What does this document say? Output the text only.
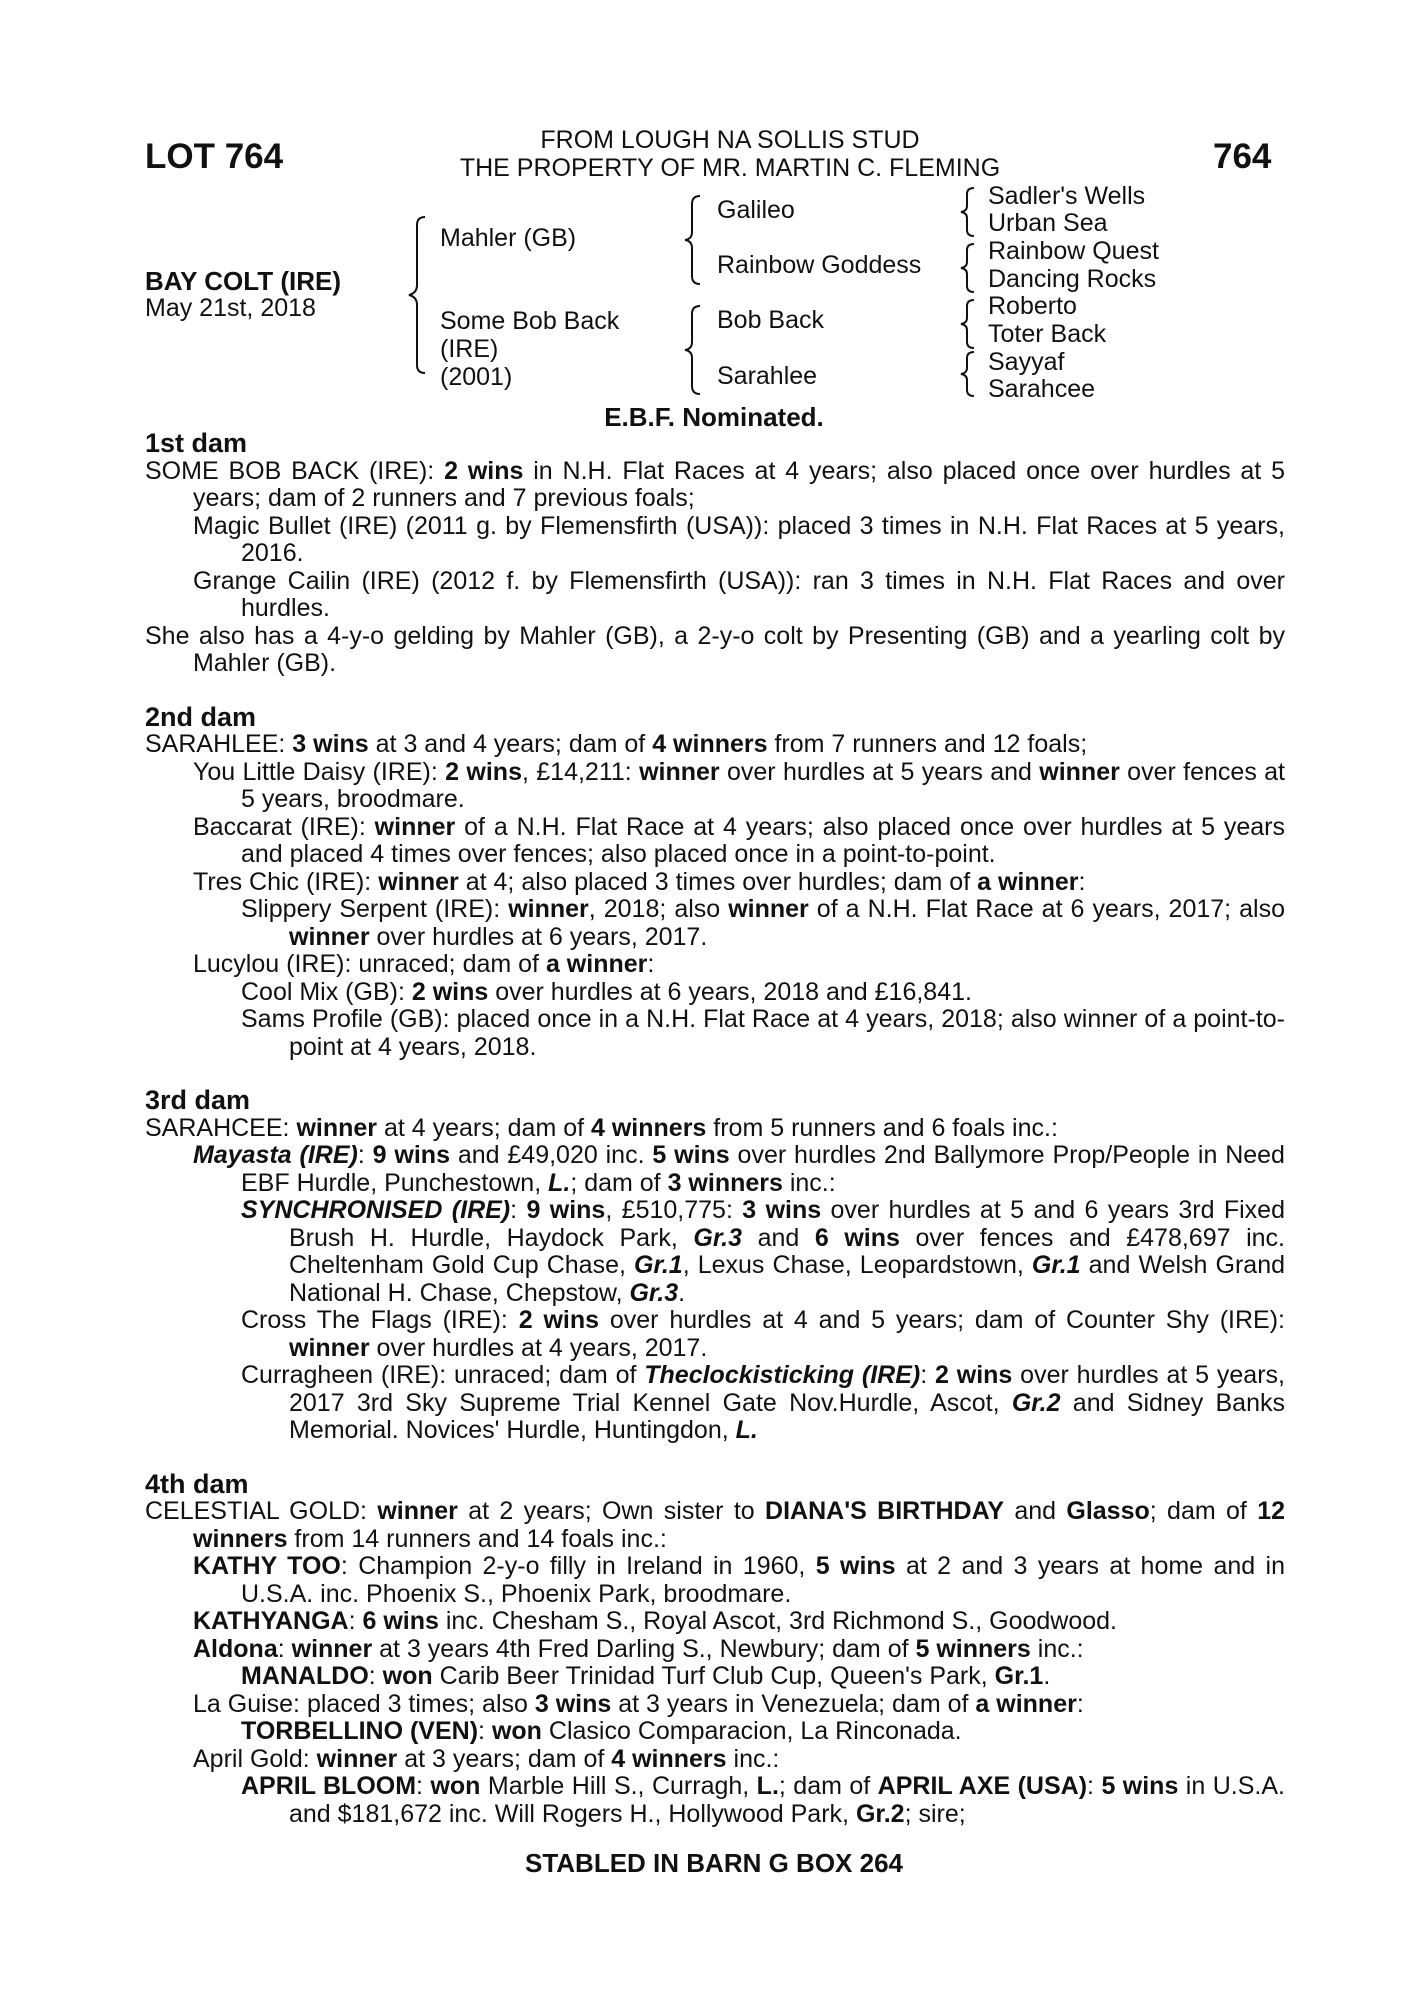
LOT 764	764
FROM LOUGH NA SOLLIS STUD
THE PROPERTY OF MR. MARTIN C. FLEMING
BAY COLT (IRE)
May 21st, 2018
Mahler (GB)
Some Bob Back
(IRE)
(2001)
Galileo
Rainbow Goddess
Bob Back
Sarahlee
Sadler's Wells
Urban Sea
Rainbow Quest
Dancing Rocks
Roberto
Toter Back
Sayyaf
Sarahcee
E.B.F. Nominated.

1st dam

SOME BOB BACK (IRE): 2 wins in N.H. Flat Races at 4 years; also placed once over hurdles at 5 years; dam of 2 runners and 7 previous foals;

Magic Bullet (IRE) (2011 g. by Flemensfirth (USA)): placed 3 times in N.H. Flat Races at 5 years, 2016.

Grange Cailin (IRE) (2012 f. by Flemensfirth (USA)): ran 3 times in N.H. Flat Races and over hurdles.

She also has a 4-y-o gelding by Mahler (GB), a 2-y-o colt by Presenting (GB) and a yearling colt by Mahler (GB).

2nd dam

SARAHLEE: 3 wins at 3 and 4 years; dam of 4 winners from 7 runners and 12 foals;

You Little Daisy (IRE): 2 wins, £14,211: winner over hurdles at 5 years and winner over fences at 5 years, broodmare.

Baccarat (IRE): winner of a N.H. Flat Race at 4 years; also placed once over hurdles at 5 years and placed 4 times over fences; also placed once in a point-to-point.

Tres Chic (IRE): winner at 4; also placed 3 times over hurdles; dam of a winner:

Slippery Serpent (IRE): winner, 2018; also winner of a N.H. Flat Race at 6 years, 2017; also winner over hurdles at 6 years, 2017.

Lucylou (IRE): unraced; dam of a winner:

Cool Mix (GB): 2 wins over hurdles at 6 years, 2018 and £16,841.

Sams Profile (GB): placed once in a N.H. Flat Race at 4 years, 2018; also winner of a point-to-point at 4 years, 2018.

3rd dam

SARAHCEE: winner at 4 years; dam of 4 winners from 5 runners and 6 foals inc.:

Mayasta (IRE): 9 wins and £49,020 inc. 5 wins over hurdles 2nd Ballymore Prop/People in Need EBF Hurdle, Punchestown, L.; dam of 3 winners inc.:

SYNCHRONISED (IRE): 9 wins, £510,775: 3 wins over hurdles at 5 and 6 years 3rd Fixed Brush H. Hurdle, Haydock Park, Gr.3 and 6 wins over fences and £478,697 inc. Cheltenham Gold Cup Chase, Gr.1, Lexus Chase, Leopardstown, Gr.1 and Welsh Grand National H. Chase, Chepstow, Gr.3.

Cross The Flags (IRE): 2 wins over hurdles at 4 and 5 years; dam of Counter Shy (IRE): winner over hurdles at 4 years, 2017.

Curragheen (IRE): unraced; dam of Theclockisticking (IRE): 2 wins over hurdles at 5 years, 2017 3rd Sky Supreme Trial Kennel Gate Nov.Hurdle, Ascot, Gr.2 and Sidney Banks Memorial. Novices' Hurdle, Huntingdon, L.

4th dam

CELESTIAL GOLD: winner at 2 years; Own sister to DIANA'S BIRTHDAY and Glasso; dam of 12 winners from 14 runners and 14 foals inc.:

KATHY TOO: Champion 2-y-o filly in Ireland in 1960, 5 wins at 2 and 3 years at home and in U.S.A. inc. Phoenix S., Phoenix Park, broodmare.

KATHYANGA: 6 wins inc. Chesham S., Royal Ascot, 3rd Richmond S., Goodwood.

Aldona: winner at 3 years 4th Fred Darling S., Newbury; dam of 5 winners inc.:

MANALDO: won Carib Beer Trinidad Turf Club Cup, Queen's Park, Gr.1.

La Guise: placed 3 times; also 3 wins at 3 years in Venezuela; dam of a winner:

TORBELLINO (VEN): won Clasico Comparacion, La Rinconada.

April Gold: winner at 3 years; dam of 4 winners inc.:

APRIL BLOOM: won Marble Hill S., Curragh, L.; dam of APRIL AXE (USA): 5 wins in U.S.A. and $181,672 inc. Will Rogers H., Hollywood Park, Gr.2; sire;

STABLED IN BARN G BOX 264
